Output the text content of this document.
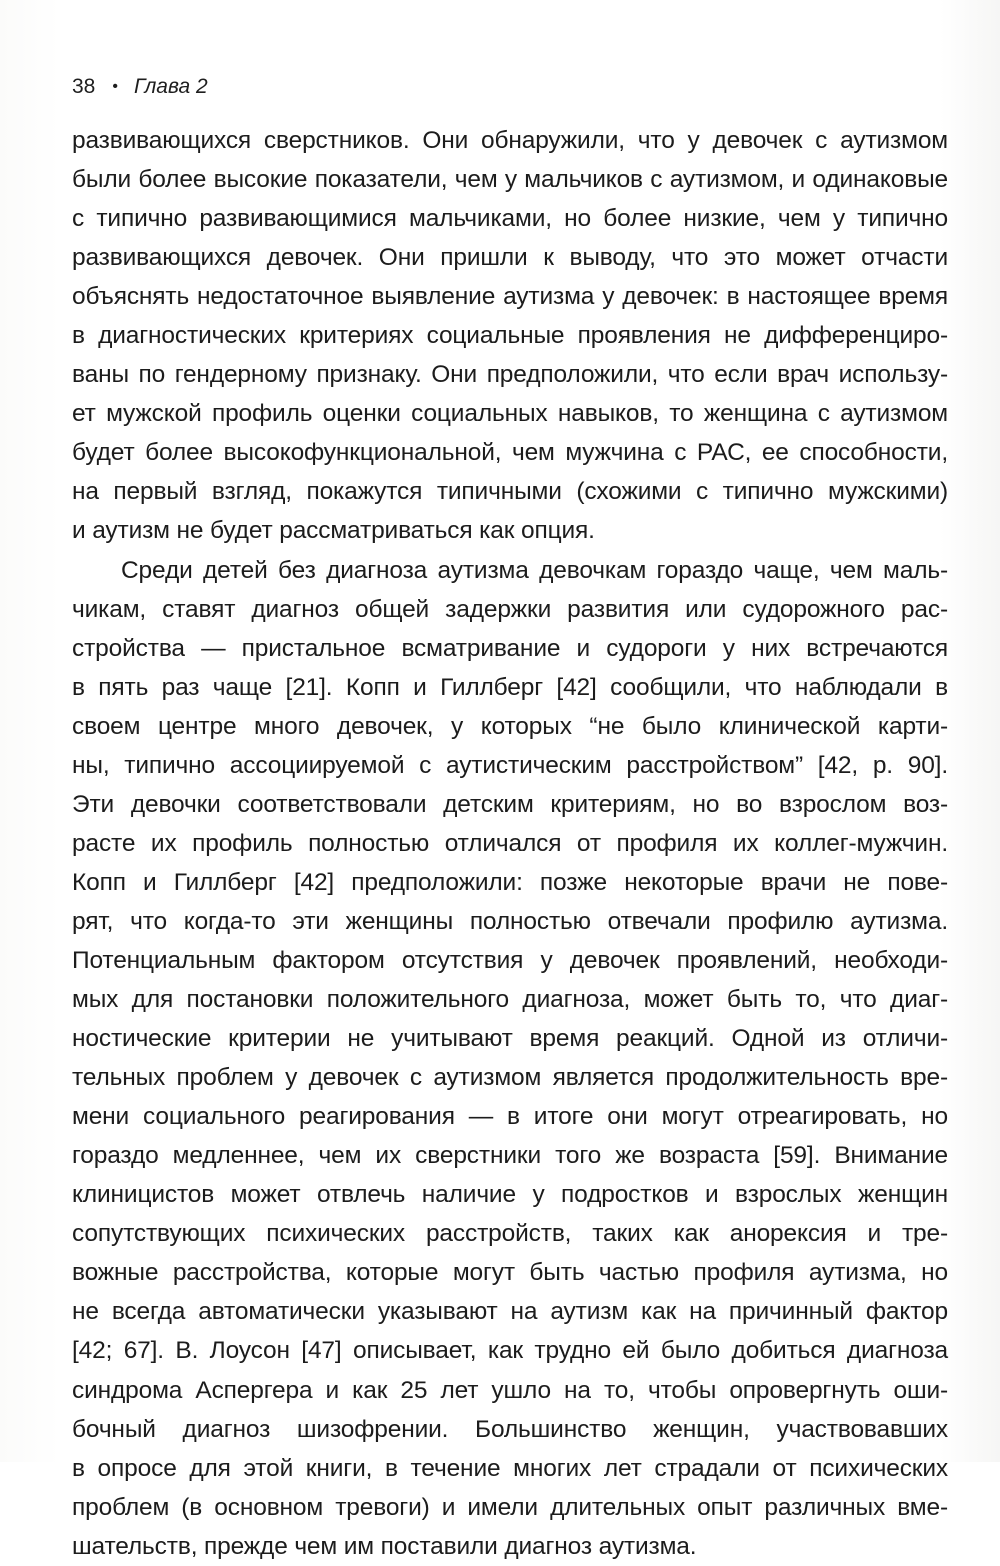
38 • Глава 2
развивающихся сверстников. Они обнаружили, что у девочек с аутизмом
были более высокие показатели, чем у мальчиков с аутизмом, и одинаковые
с типично развивающимися мальчиками, но более низкие, чем у типично
развивающихся девочек. Они пришли к выводу, что это может отчасти
объяснять недостаточное выявление аутизма у девочек: в настоящее время
в диагностических критериях социальные проявления не дифференциро-
ваны по гендерному признаку. Они предположили, что если врач использу-
ет мужской профиль оценки социальных навыков, то женщина с аутизмом
будет более высокофункциональной, чем мужчина с РАС, ее способности,
на первый взгляд, покажутся типичными (схожими с типично мужскими)
и аутизм не будет рассматриваться как опция.
Среди детей без диагноза аутизма девочкам гораздо чаще, чем маль-
чикам, ставят диагноз общей задержки развития или судорожного рас-
стройства — пристальное всматривание и судороги у них встречаются
в пять раз чаще [21]. Копп и Гиллберг [42] сообщили, что наблюдали в
своем центре много девочек, у которых “не было клинической карти-
ны, типично ассоциируемой с аутистическим расстройством” [42, p. 90].
Эти девочки соответствовали детским критериям, но во взрослом воз-
расте их профиль полностью отличался от профиля их коллег-мужчин.
Копп и Гиллберг [42] предположили: позже некоторые врачи не пове-
рят, что когда-то эти женщины полностью отвечали профилю аутизма.
Потенциальным фактором отсутствия у девочек проявлений, необходи-
мых для постановки положительного диагноза, может быть то, что диаг-
ностические критерии не учитывают время реакций. Одной из отличи-
тельных проблем у девочек с аутизмом является продолжительность вре-
мени социального реагирования — в итоге они могут отреагировать, но
гораздо медленнее, чем их сверстники того же возраста [59]. Внимание
клиницистов может отвлечь наличие у подростков и взрослых женщин
сопутствующих психических расстройств, таких как анорексия и тре-
вожные расстройства, которые могут быть частью профиля аутизма, но
не всегда автоматически указывают на аутизм как на причинный фактор
[42; 67]. В. Лоусон [47] описывает, как трудно ей было добиться диагноза
синдрома Аспергера и как 25 лет ушло на то, чтобы опровергнуть оши-
бочный диагноз шизофрении. Большинство женщин, участвовавших
в опросе для этой книги, в течение многих лет страдали от психических
проблем (в основном тревоги) и имели длительных опыт различных вме-
шательств, прежде чем им поставили диагноз аутизма.
